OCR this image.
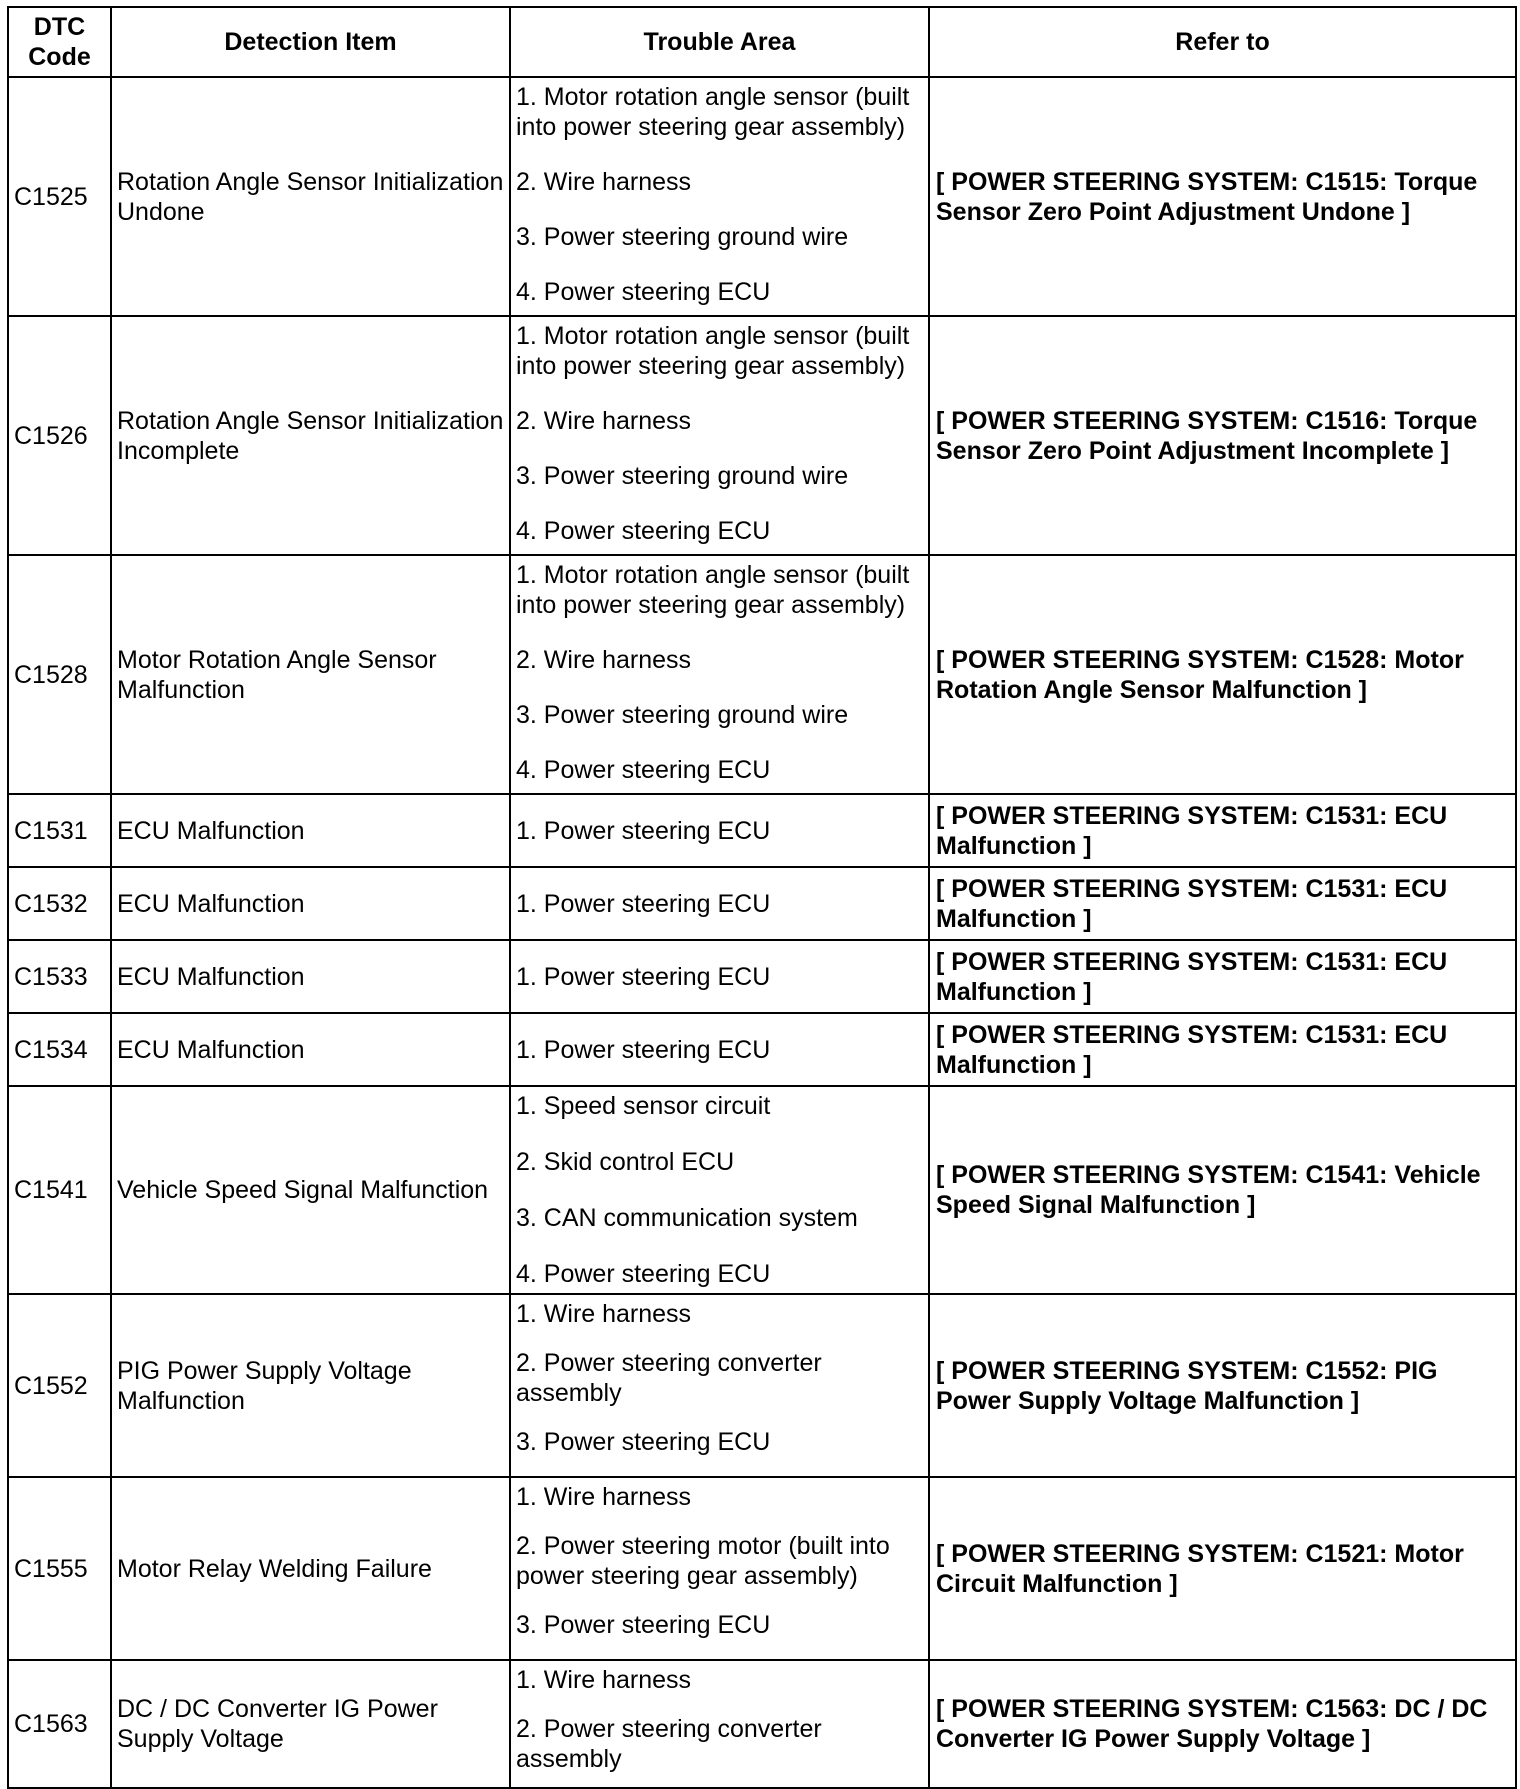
DTC Code	Detection Item	Trouble Area	Refer to
C1525	Rotation Angle Sensor Initialization Undone	1. Motor rotation angle sensor (built into power steering gear assembly)

2. Wire harness

3. Power steering ground wire

4. Power steering ECU	[ POWER STEERING SYSTEM: C1515: Torque Sensor Zero Point Adjustment Undone ]
C1526	Rotation Angle Sensor Initialization Incomplete	1. Motor rotation angle sensor (built into power steering gear assembly)

2. Wire harness

3. Power steering ground wire

4. Power steering ECU	[ POWER STEERING SYSTEM: C1516: Torque Sensor Zero Point Adjustment Incomplete ]
C1528	Motor Rotation Angle Sensor Malfunction	1. Motor rotation angle sensor (built into power steering gear assembly)

2. Wire harness

3. Power steering ground wire

4. Power steering ECU	[ POWER STEERING SYSTEM: C1528: Motor Rotation Angle Sensor Malfunction ]
C1531	ECU Malfunction	1. Power steering ECU	[ POWER STEERING SYSTEM: C1531: ECU Malfunction ]
C1532	ECU Malfunction	1. Power steering ECU	[ POWER STEERING SYSTEM: C1531: ECU Malfunction ]
C1533	ECU Malfunction	1. Power steering ECU	[ POWER STEERING SYSTEM: C1531: ECU Malfunction ]
C1534	ECU Malfunction	1. Power steering ECU	[ POWER STEERING SYSTEM: C1531: ECU Malfunction ]
C1541	Vehicle Speed Signal Malfunction	1. Speed sensor circuit

2. Skid control ECU

3. CAN communication system

4. Power steering ECU	[ POWER STEERING SYSTEM: C1541: Vehicle Speed Signal Malfunction ]
C1552	PIG Power Supply Voltage Malfunction	1. Wire harness

2. Power steering converter assembly

3. Power steering ECU	[ POWER STEERING SYSTEM: C1552: PIG Power Supply Voltage Malfunction ]
C1555	Motor Relay Welding Failure	1. Wire harness

2. Power steering motor (built into power steering gear assembly)

3. Power steering ECU	[ POWER STEERING SYSTEM: C1521: Motor Circuit Malfunction ]
C1563	DC / DC Converter IG Power Supply Voltage	1. Wire harness

2. Power steering converter assembly	[ POWER STEERING SYSTEM: C1563: DC / DC Converter IG Power Supply Voltage ]
